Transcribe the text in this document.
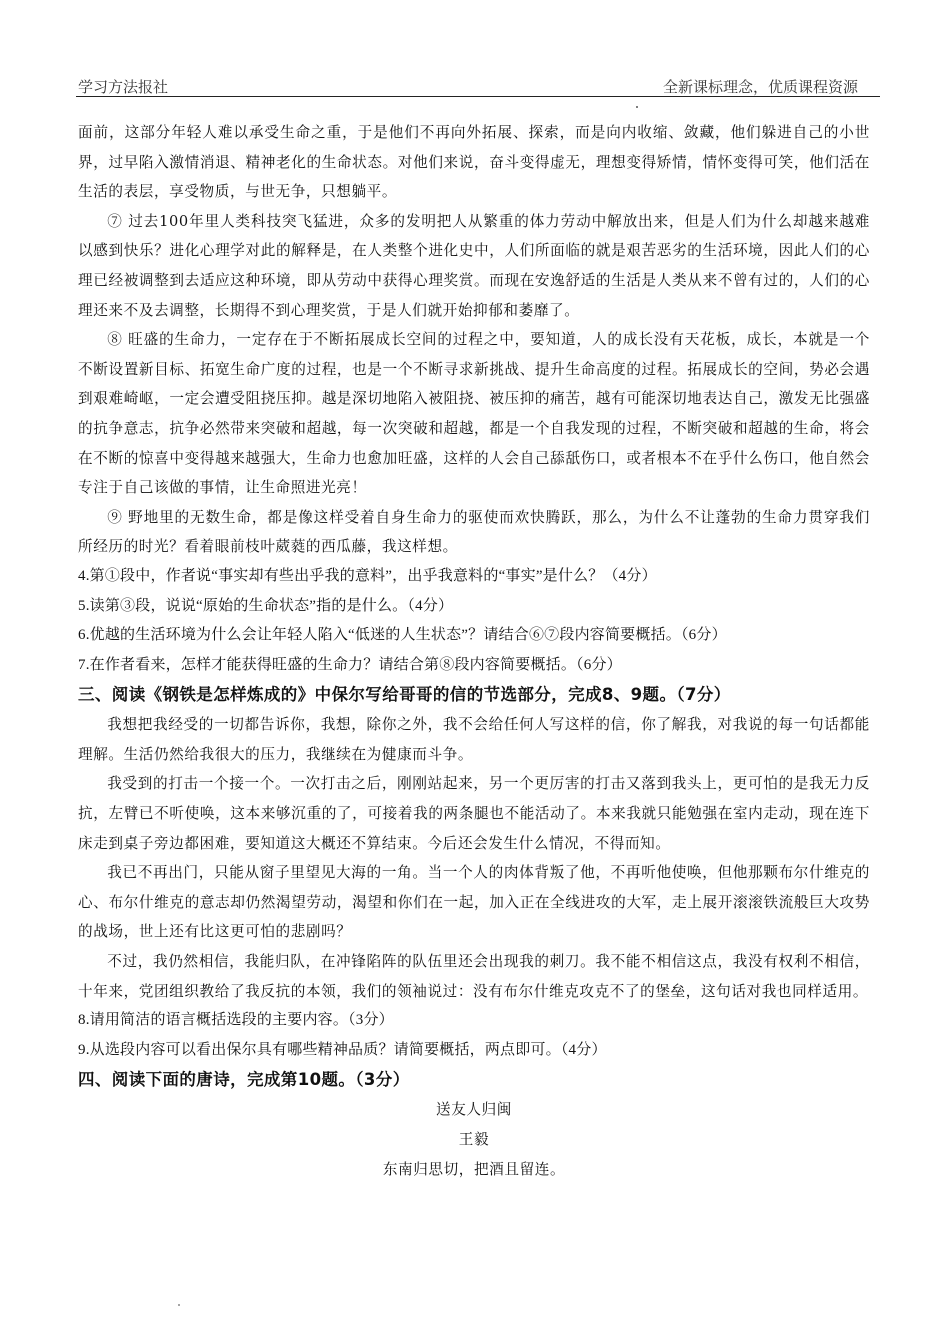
学习方法报社	全新课标理念，优质课程资源

面前，这部分年轻人难以承受生命之重，于是他们不再向外拓展、探索，而是向内收缩、敛藏，他们躲进自己的小世界，过早陷入激情消退、精神老化的生命状态。对他们来说，奋斗变得虚无，理想变得矫情，情怀变得可笑，他们活在生活的表层，享受物质，与世无争，只想躺平。

⑦ 过去100年里人类科技突飞猛进，众多的发明把人从繁重的体力劳动中解放出来，但是人们为什么却越来越难以感到快乐？进化心理学对此的解释是，在人类整个进化史中，人们所面临的就是艰苦恶劣的生活环境，因此人们的心理已经被调整到去适应这种环境，即从劳动中获得心理奖赏。而现在安逸舒适的生活是人类从来不曾有过的，人们的心理还来不及去调整，长期得不到心理奖赏，于是人们就开始抑郁和萎靡了。

⑧ 旺盛的生命力，一定存在于不断拓展成长空间的过程之中，要知道，人的成长没有天花板，成长，本就是一个不断设置新目标、拓宽生命广度的过程，也是一个不断寻求新挑战、提升生命高度的过程。拓展成长的空间，势必会遇到艰难崎岖，一定会遭受阻挠压抑。越是深切地陷入被阻挠、被压抑的痛苦，越有可能深切地表达自己，激发无比强盛的抗争意志，抗争必然带来突破和超越，每一次突破和超越，都是一个自我发现的过程，不断突破和超越的生命，将会在不断的惊喜中变得越来越强大，生命力也愈加旺盛，这样的人会自己舔舐伤口，或者根本不在乎什么伤口，他自然会专注于自己该做的事情，让生命照进光亮！

⑨ 野地里的无数生命，都是像这样受着自身生命力的驱使而欢快腾跃，那么，为什么不让蓬勃的生命力贯穿我们所经历的时光？看着眼前枝叶葳蕤的西瓜藤，我这样想。

4.第①段中，作者说“事实却有些出乎我的意料”，出乎我意料的“事实”是什么？（4分）

5.读第③段，说说“原始的生命状态”指的是什么。（4分）

6.优越的生活环境为什么会让年轻人陷入“低迷的人生状态”？请结合⑥⑦段内容简要概括。（6分）

7.在作者看来，怎样才能获得旺盛的生命力？请结合第⑧段内容简要概括。（6分）

三、阅读《钢铁是怎样炼成的》中保尔写给哥哥的信的节选部分，完成8、9题。（7分）

我想把我经受的一切都告诉你，我想，除你之外，我不会给任何人写这样的信，你了解我，对我说的每一句话都能理解。生活仍然给我很大的压力，我继续在为健康而斗争。

我受到的打击一个接一个。一次打击之后，刚刚站起来，另一个更厉害的打击又落到我头上，更可怕的是我无力反抗，左臂已不听使唤，这本来够沉重的了，可接着我的两条腿也不能活动了。本来我就只能勉强在室内走动，现在连下床走到桌子旁边都困难，要知道这大概还不算结束。今后还会发生什么情况，不得而知。

我已不再出门，只能从窗子里望见大海的一角。当一个人的肉体背叛了他，不再听他使唤，但他那颗布尔什维克的心、布尔什维克的意志却仍然渴望劳动，渴望和你们在一起，加入正在全线进攻的大军，走上展开滚滚铁流般巨大攻势的战场，世上还有比这更可怕的悲剧吗？

不过，我仍然相信，我能归队，在冲锋陷阵的队伍里还会出现我的刺刀。我不能不相信这点，我没有权利不相信，十年来，党团组织教给了我反抗的本领，我们的领袖说过：没有布尔什维克攻克不了的堡垒，这句话对我也同样适用。

8.请用简洁的语言概括选段的主要内容。（3分）

9.从选段内容可以看出保尔具有哪些精神品质？请简要概括，两点即可。（4分）

四、阅读下面的唐诗，完成第10题。（3分）

送友人归闽

王毅

东南归思切，把酒且留连。
